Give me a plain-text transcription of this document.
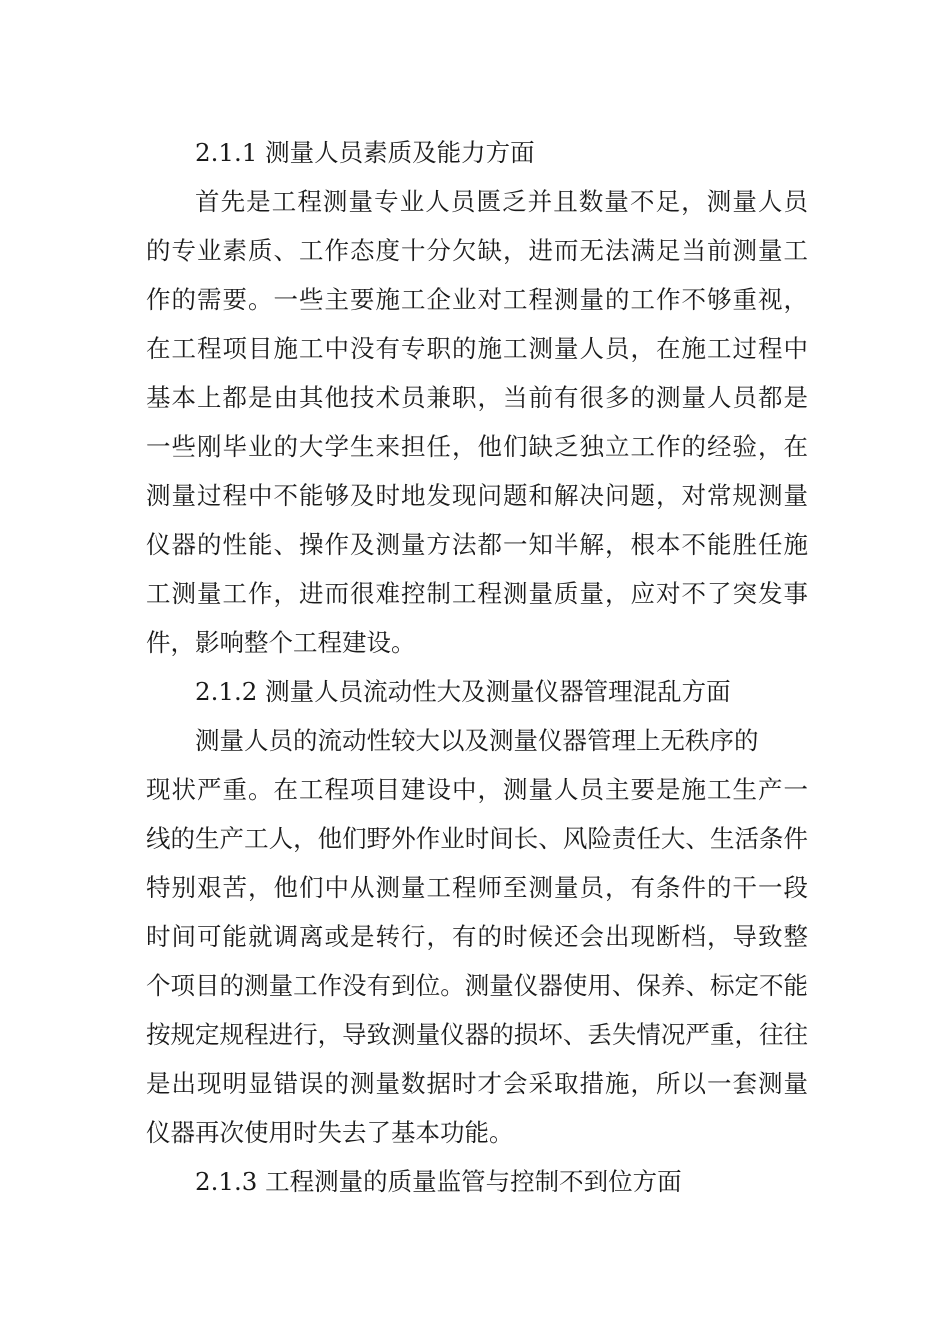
2.1.1 测量人员素质及能力方面
首先是工程测量专业人员匮乏并且数量不足，测量人员
的专业素质、工作态度十分欠缺，进而无法满足当前测量工
作的需要。一些主要施工企业对工程测量的工作不够重视，
在工程项目施工中没有专职的施工测量人员，在施工过程中
基本上都是由其他技术员兼职，当前有很多的测量人员都是
一些刚毕业的大学生来担任，他们缺乏独立工作的经验，在
测量过程中不能够及时地发现问题和解决问题，对常规测量
仪器的性能、操作及测量方法都一知半解，根本不能胜任施
工测量工作，进而很难控制工程测量质量，应对不了突发事
件，影响整个工程建设。
2.1.2 测量人员流动性大及测量仪器管理混乱方面
测量人员的流动性较大以及测量仪器管理上无秩序的
现状严重。在工程项目建设中，测量人员主要是施工生产一
线的生产工人，他们野外作业时间长、风险责任大、生活条件
特别艰苦，他们中从测量工程师至测量员，有条件的干一段
时间可能就调离或是转行，有的时候还会出现断档，导致整
个项目的测量工作没有到位。测量仪器使用、保养、标定不能
按规定规程进行，导致测量仪器的损坏、丢失情况严重，往往
是出现明显错误的测量数据时才会采取措施，所以一套测量
仪器再次使用时失去了基本功能。
2.1.3 工程测量的质量监管与控制不到位方面
